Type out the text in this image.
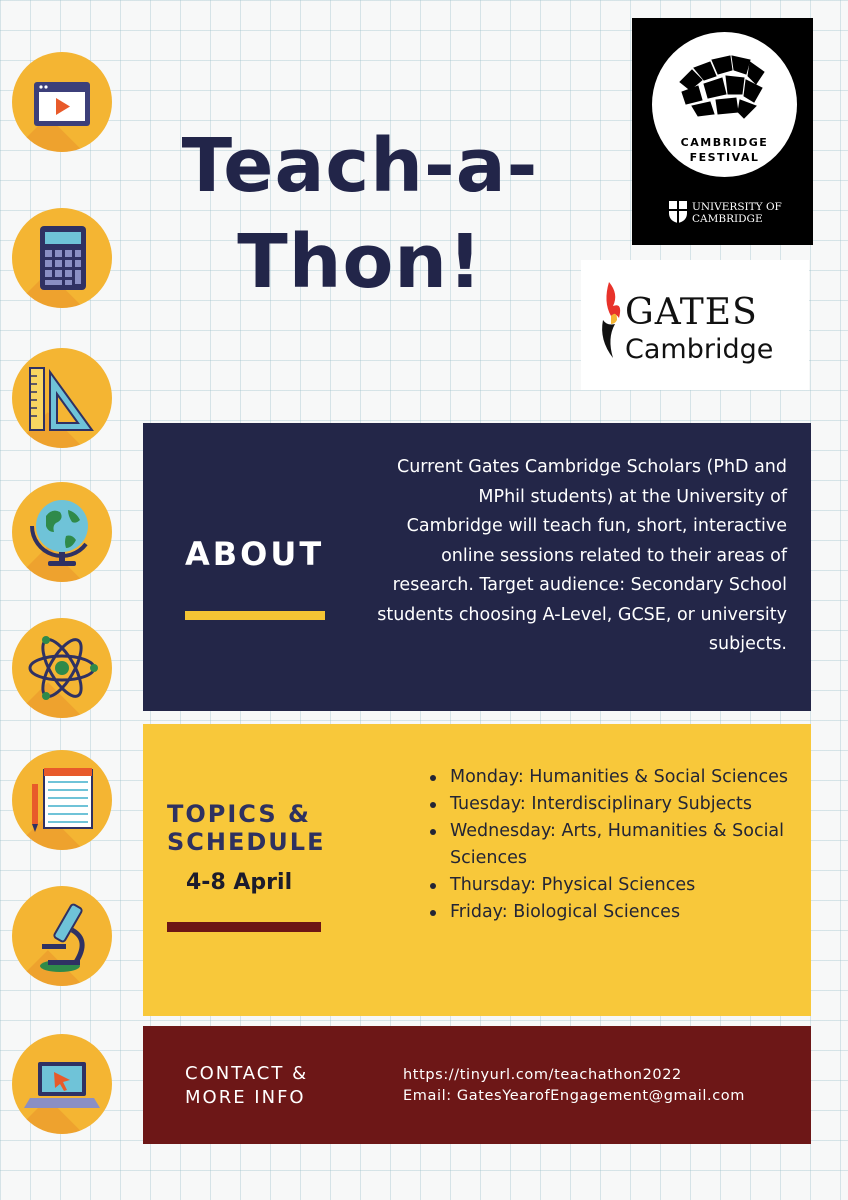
Teach-a-Thon!
CAMBRIDGE
FESTIVAL
UNIVERSITY OF
CAMBRIDGE
GATES
Cambridge
ABOUT
Current Gates Cambridge Scholars (PhD and MPhil students) at the University of Cambridge will teach fun, short, interactive online sessions related to their areas of research. Target audience: Secondary School students choosing A-Level, GCSE, or university subjects.
TOPICS &
SCHEDULE
4-8 April
Monday: Humanities & Social Sciences
Tuesday: Interdisciplinary Subjects
Wednesday: Arts, Humanities & Social Sciences
Thursday: Physical Sciences
Friday: Biological Sciences
CONTACT &
MORE INFO
https://tinyurl.com/teachathon2022
Email: GatesYearofEngagement@gmail.com
